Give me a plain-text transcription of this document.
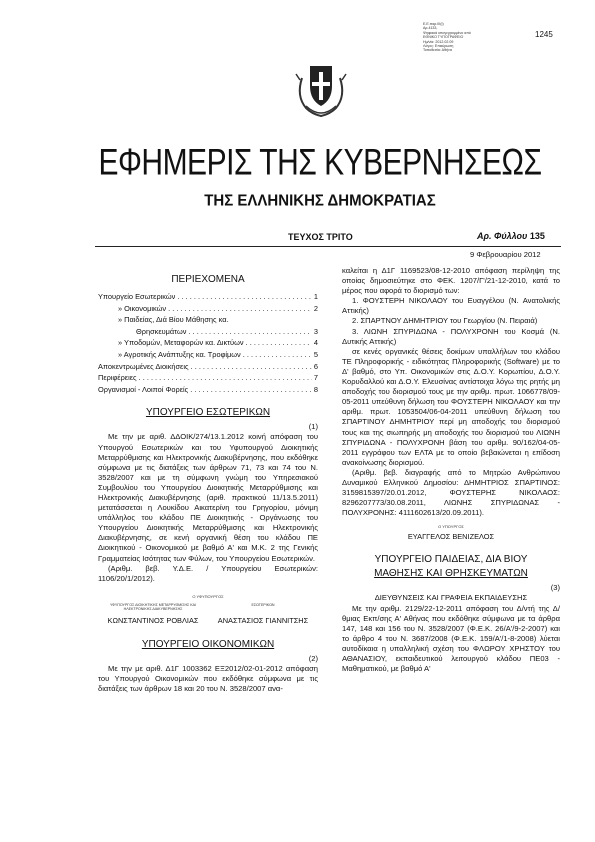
Ε.Ε.παρ.ΙΙΙ(Ι)
Αρ.4133,
Ψηφιακά υπογεγραμμένο από
ΕΘΝΙΚΟ ΤΥΠΟΓΡΑΦΕΙΟ
Ημ/νία: 2012.02.09
Λόγος: Επικύρωση
Τοποθεσία: Αθήνα
1245
ΕΦΗΜΕΡΙΣ ΤΗΣ ΚΥΒΕΡΝΗΣΕΩΣ
ΤΗΣ ΕΛΛΗΝΙΚΗΣ ΔΗΜΟΚΡΑΤΙΑΣ
ΤΕΥΧΟΣ ΤΡΙΤΟ	Αρ. Φύλλου 135
9 Φεβρουαρίου 2012
ΠΕΡΙΕΧΟΜΕΝΑ
Υπουργείο Εσωτερικών . . .	1
» Οικονομικών . . .	2
» Παιδείας, Διά Βίου Μάθησης κα.
Θρησκευμάτων . . .	3
» Υποδομών, Μεταφορών κα. Δικτύων . . .	4
» Αγροτικής Ανάπτυξης κα. Τροφίμων . . .	5
Αποκεντρωμένες Διοικήσεις . . .	6
Περιφέρειες . . .	7
Οργανισμοί - Λοιποί Φορείς . . .	8
ΥΠΟΥΡΓΕΙΟ ΕΣΩΤΕΡΙΚΩΝ

(1)

Με την με αριθ. ΔΔΟΙΚ/274/13.1.2012 κοινή απόφαση του Υπουργού Εσωτερικών και του Υφυπουργού Διοικητικής Μεταρρύθμισης και Ηλεκτρονικής Διακυβέρνησης, που εκδόθηκε σύμφωνα με τις διατάξεις των άρθρων 71, 73 και 74 του Ν. 3528/2007 και με τη σύμφωνη γνώμη του Υπηρεσιακού Συμβουλίου του Υπουργείου Διοικητικής Μεταρρύθμισης και Ηλεκτρονικής Διακυβέρνησης (αριθ. πρακτικού 11/13.5.2011) μετατάσσεται η Λουκίδου Αικατερίνη του Γρηγορίου, μόνιμη υπάλληλος του κλάδου ΠΕ Διοικητικής - Οργάνωσης του Υπουργείου Διοικητικής Μεταρρύθμισης και Ηλεκτρονικής Διακυβέρνησης, σε κενή οργανική θέση του κλάδου ΠΕ Διοικητικού - Οικονομικού με βαθμό Α' και Μ.Κ. 2 της Γενικής Γραμματείας Ισότητας των Φύλων, του Υπουργείου Εσωτερικών.

(Αριθμ. βεβ. Υ.Δ.Ε. / Υπουργείου Εσωτερικών: 1106/20/1/2012).

Ο ΥΦΥΠΟΥΡΓΟΣ
ΥΦΥΠΟΥΡΓΟΣ ΔΙΟΙΚΗΤΙΚΗΣ ΜΕΤΑΡΡΥΘΜΙΣΗΣ ΚΑΙ ΗΛΕΚΤΡΟΝΙΚΗΣ ΔΙΑΚΥΒΕΡΝΗΣΗΣ
ΕΣΩΤΕΡΙΚΩΝ
ΚΩΝΣΤΑΝΤΙΝΟΣ ΡΟΒΛΙΑΣ	ΑΝΑΣΤΑΣΙΟΣ ΓΙΑΝΝΙΤΣΗΣ
ΥΠΟΥΡΓΕΙΟ ΟΙΚΟΝΟΜΙΚΩΝ

(2)

Με την με αριθ. Δ1Γ 1003362 ΕΞ2012/02-01-2012 απόφαση του Υπουργού Οικονομικών που εκδόθηκε σύμφωνα με τις διατάξεις των άρθρων 18 και 20 του Ν. 3528/2007 ανα-

καλείται η Δ1Γ 1169523/08-12-2010 απόφαση περίληψη της οποίας δημοσιεύτηκε στο ΦΕΚ. 1207/Γ'/21-12-2010, κατά το μέρος που αφορά το διορισμό των:

1. ΦΟΥΣΤΕΡΗ ΝΙΚΟΛΑΟΥ του Ευαγγέλου (Ν. Ανατολικής Αττικής)

2. ΣΠΑΡΤΝΟΥ ΔΗΜΗΤΡΙΟΥ του Γεωργίου (Ν. Πειραιά)

3. ΛΙΩΝΗ ΣΠΥΡΙΔΩΝΑ - ΠΟΛΥΧΡΟΝΗ του Κοσμά (Ν. Δυτικής Αττικής)

σε κενές οργανικές θέσεις δοκίμων υπαλλήλων του κλάδου ΤΕ Πληροφορικής - ειδικότητας Πληροφορικής (Software) με το Δ' βαθμό, στο Υπ. Οικονομικών στις Δ.Ο.Υ. Κορωπίου, Δ.Ο.Υ. Κορυδαλλού και Δ.Ο.Υ. Ελευσίνας αντίστοιχα λόγω της ρητής μη αποδοχής του διορισμού τους με την αριθμ. πρωτ. 1066778/09-05-2011 υπεύθυνη δήλωση του ΦΟΥΣΤΕΡΗ ΝΙΚΟΛΑΟΥ και την αριθμ. πρωτ. 1053504/06-04-2011 υπεύθυνη δήλωση του ΣΠΑΡΤΙΝΟΥ ΔΗΜΗΤΡΙΟΥ περί μη αποδοχής του διορισμού τους και της σιωπηρής μη αποδοχής του διορισμού του ΛΙΩΝΗ ΣΠΥΡΙΔΩΝΑ - ΠΟΛΥΧΡΟΝΗ βάση του αριθμ. 90/162/04-05-2011 εγγράφου των ΕΛΤΑ με το οποίο βεβαιώνεται η επίδοση ανακοίνωσης διορισμού.

(Αριθμ. βεβ. διαγραφής από το Μητρώο Ανθρώπινου Δυναμικού Ελληνικού Δημοσίου: ΔΗΜΗΤΡΙΟΣ ΣΠΑΡΤΙΝΟΣ: 3159815397/20.01.2012, ΦΟΥΣΤΕΡΗΣ ΝΙΚΟΛΑΟΣ: 8296207773/30.08.2011, ΛΙΩΝΗΣ ΣΠΥΡΙΔΩΝΑΣ - ΠΟΛΥΧΡΟΝΗΣ: 4111602613/20.09.2011).

Ο ΥΠΟΥΡΓΟΣ
ΕΥΑΓΓΕΛΟΣ ΒΕΝΙΖΕΛΟΣ
ΥΠΟΥΡΓΕΙΟ ΠΑΙΔΕΙΑΣ, ΔΙΑ ΒΙΟΥ
ΜΑΘΗΣΗΣ ΚΑΙ ΘΡΗΣΚΕΥΜΑΤΩΝ

(3)

ΔΙΕΥΘΥΝΣΕΙΣ ΚΑΙ ΓΡΑΦΕΙΑ ΕΚΠΑΙΔΕΥΣΗΣ

Με την αριθμ. 2129/22-12-2011 απόφαση του Δ/ντή της Δ/θμιας Εκπ/σης Α' Αθήνας που εκδόθηκε σύμφωνα με τα άρθρα 147, 148 και 156 του Ν. 3528/2007 (Φ.Ε.Κ. 26/Α'/9-2-2007) και το άρθρο 4 του Ν. 3687/2008 (Φ.Ε.Κ. 159/Α'/1-8-2008) λύεται αυτοδίκαια η υπαλληλική σχέση του ΦΛΩΡΟΥ ΧΡΗΣΤΟΥ του ΑΘΑΝΑΣΙΟΥ, εκπαιδευτικού λειτουργού κλάδου ΠΕ03 - Μαθηματικού, με βαθμό Α'
